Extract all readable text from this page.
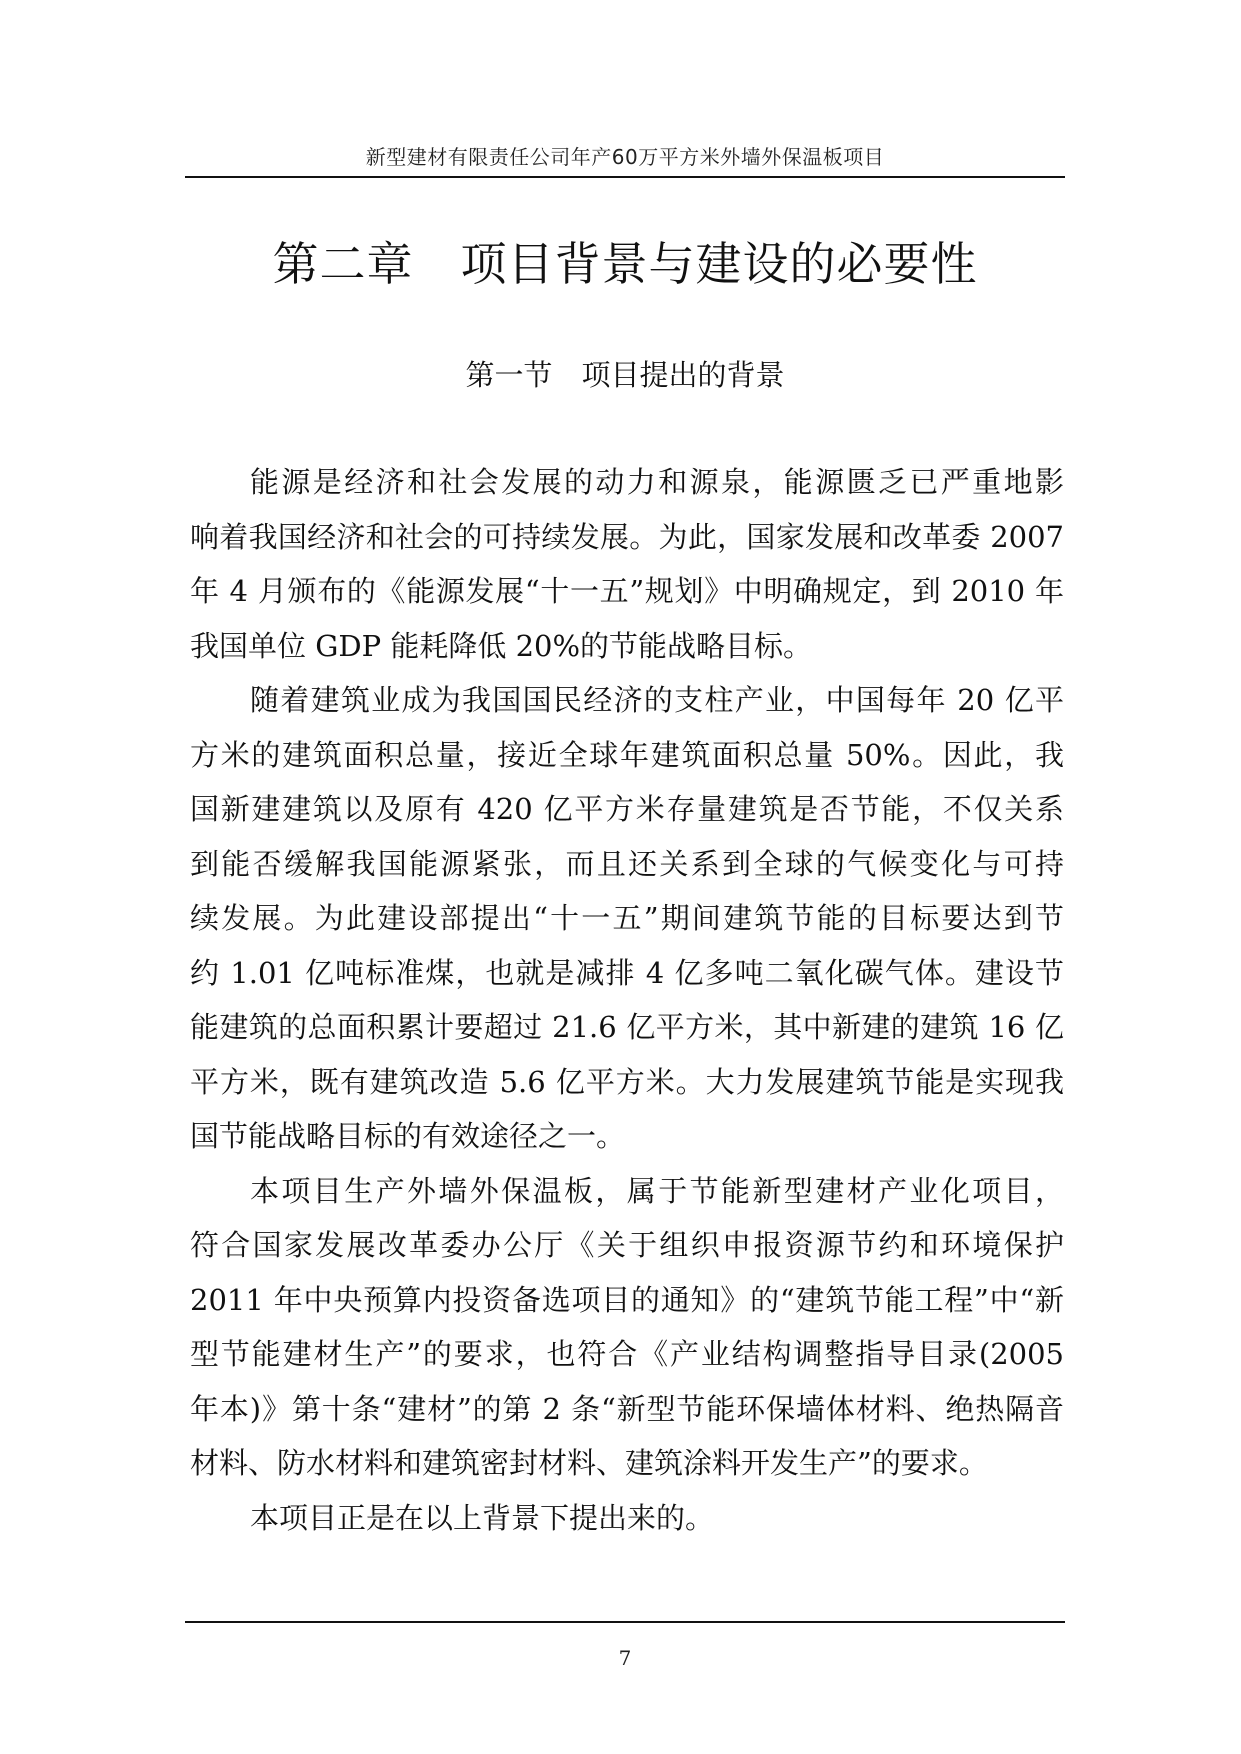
新型建材有限责任公司年产60万平方米外墙外保温板项目
第二章　项目背景与建设的必要性
第一节　项目提出的背景
能源是经济和社会发展的动力和源泉，能源匮乏已严重地影
响着我国经济和社会的可持续发展。为此，国家发展和改革委 2007
年 4 月颁布的《能源发展“十一五”规划》中明确规定，到 2010 年
我国单位 GDP 能耗降低 20%的节能战略目标。
随着建筑业成为我国国民经济的支柱产业，中国每年 20 亿平
方米的建筑面积总量，接近全球年建筑面积总量 50%。因此，我
国新建建筑以及原有 420 亿平方米存量建筑是否节能，不仅关系
到能否缓解我国能源紧张，而且还关系到全球的气候变化与可持
续发展。为此建设部提出“十一五”期间建筑节能的目标要达到节
约 1.01 亿吨标准煤，也就是减排 4 亿多吨二氧化碳气体。建设节
能建筑的总面积累计要超过 21.6 亿平方米，其中新建的建筑 16 亿
平方米，既有建筑改造 5.6 亿平方米。大力发展建筑节能是实现我
国节能战略目标的有效途径之一。
本项目生产外墙外保温板，属于节能新型建材产业化项目，
符合国家发展改革委办公厅《关于组织申报资源节约和环境保护
2011 年中央预算内投资备选项目的通知》的“建筑节能工程”中“新
型节能建材生产”的要求，也符合《产业结构调整指导目录(2005
年本)》第十条“建材”的第 2 条“新型节能环保墙体材料、绝热隔音
材料、防水材料和建筑密封材料、建筑涂料开发生产”的要求。
本项目正是在以上背景下提出来的。
7
